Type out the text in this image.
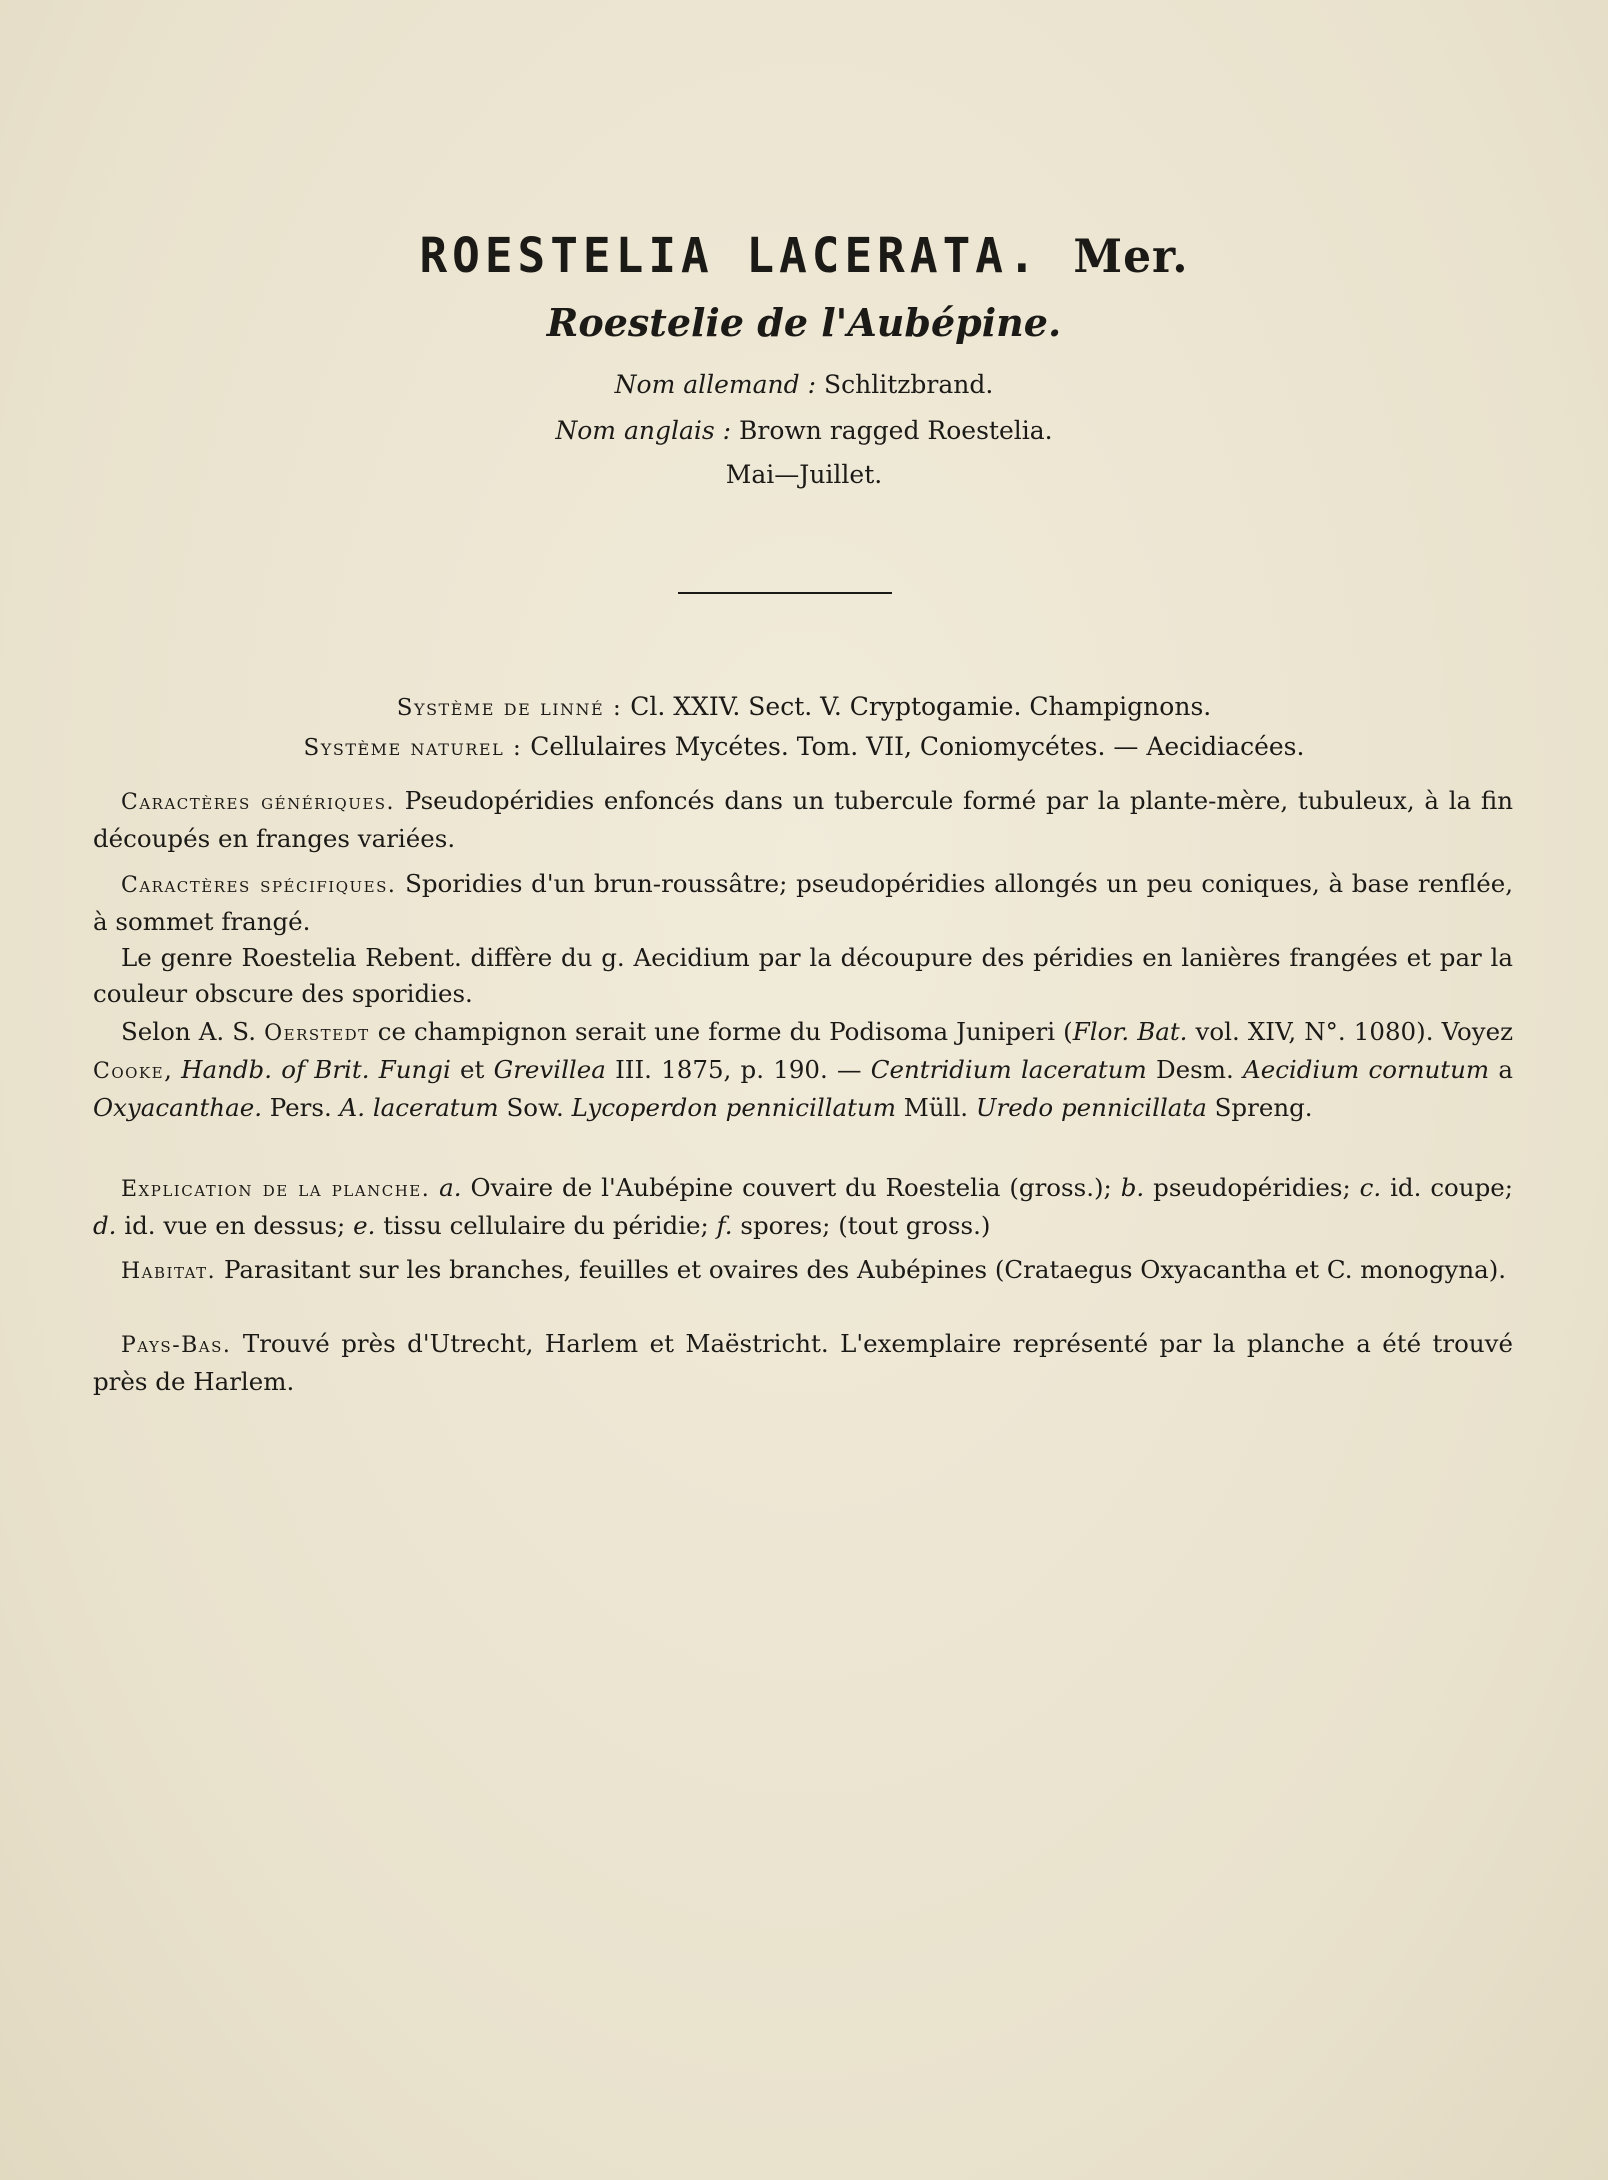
ROESTELIA LACERATA. Mer.
Roestelie de l'Aubépine.
Nom allemand : Schlitzbrand.
Nom anglais : Brown ragged Roestelia.
Mai—Juillet.
Système de linné : Cl. XXIV. Sect. V. Cryptogamie. Champignons.
Système naturel : Cellulaires Mycétes. Tom. VII, Coniomycétes. — Aecidiacées.
Caractères génériques. Pseudopéridies enfoncés dans un tubercule formé par la plante-mère, tubuleux, à la fin découpés en franges variées.
Caractères spécifiques. Sporidies d'un brun-roussâtre; pseudopéridies allongés un peu coniques, à base renflée, à sommet frangé.
Le genre Roestelia Rebent. diffère du g. Aecidium par la découpure des péridies en lanières frangées et par la couleur obscure des sporidies.
Selon A. S. Oerstedt ce champignon serait une forme du Podisoma Juniperi (Flor. Bat. vol. XIV, N°. 1080). Voyez Cooke, Handb. of Brit. Fungi et Grevillea III. 1875, p. 190. — Centridium laceratum Desm. Aecidium cornutum a Oxyacanthae. Pers. A. laceratum Sow. Lycoperdon pennicillatum Müll. Uredo pennicillata Spreng.
Explication de la planche. a. Ovaire de l'Aubépine couvert du Roestelia (gross.); b. pseudopéridies; c. id. coupe; d. id. vue en dessus; e. tissu cellulaire du péridie; f. spores; (tout gross.)
Habitat. Parasitant sur les branches, feuilles et ovaires des Aubépines (Crataegus Oxyacantha et C. monogyna).
Pays-Bas. Trouvé près d'Utrecht, Harlem et Maëstricht. L'exemplaire représenté par la planche a été trouvé près de Harlem.
